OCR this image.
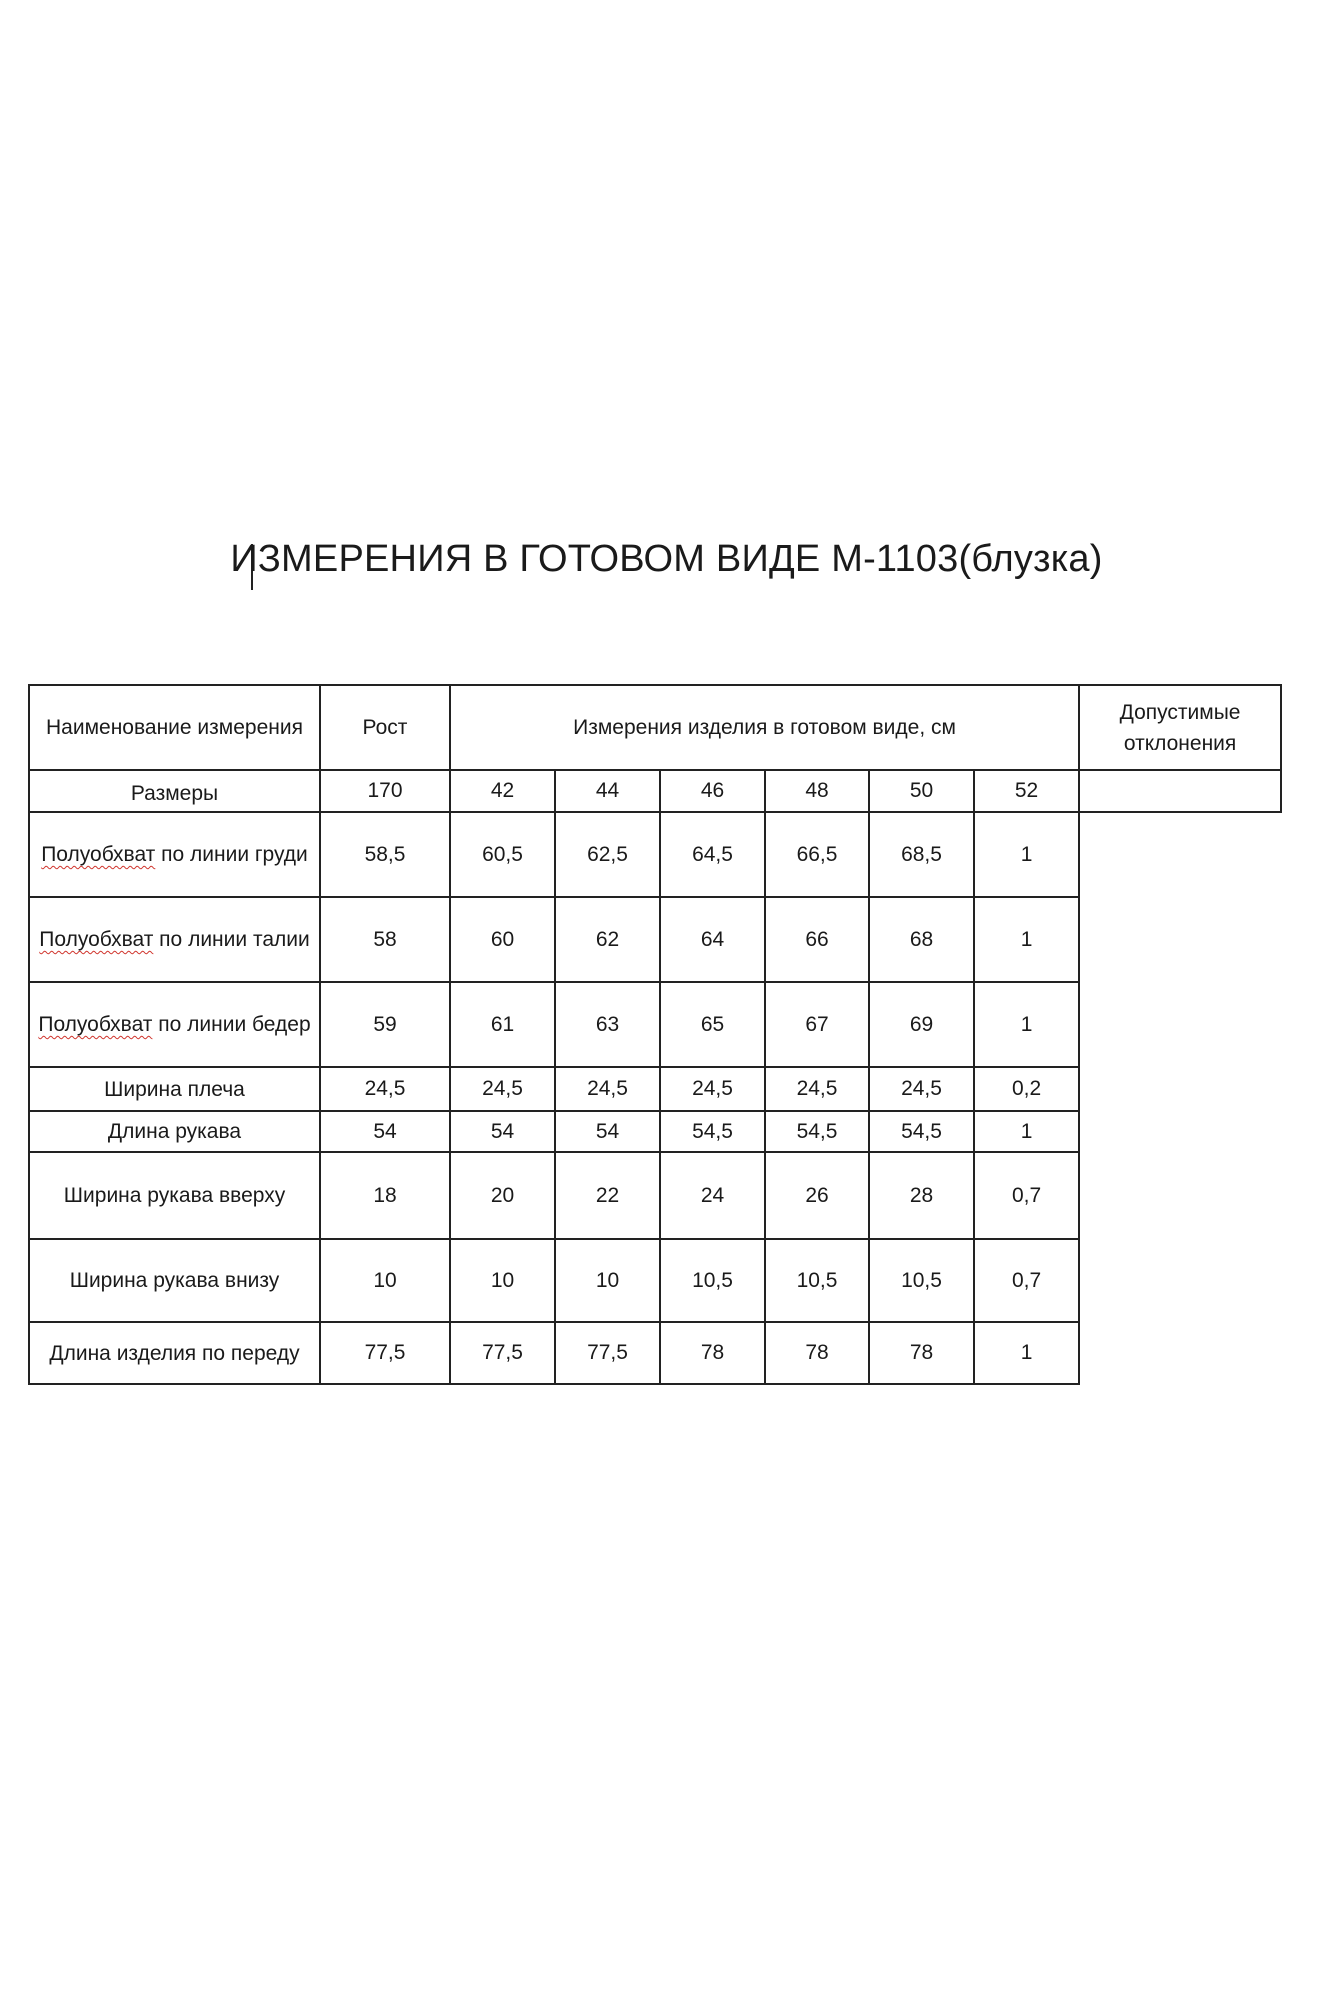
ИЗМЕРЕНИЯ В ГОТОВОМ ВИДЕ М-1103(блузка)
Наименование измерения	Рост	Измерения изделия в готовом виде, см						Допустимые отклонения
Размеры	170	42	44	46	48	50	52	
Полуобхват по линии груди	58,5	60,5	62,5	64,5	66,5	68,5	1	
Полуобхват по линии талии	58	60	62	64	66	68	1	
Полуобхват по линии бедер	59	61	63	65	67	69	1	
Ширина плеча	24,5	24,5	24,5	24,5	24,5	24,5	0,2	
Длина рукава	54	54	54	54,5	54,5	54,5	1	
Ширина рукава вверху	18	20	22	24	26	28	0,7	
Ширина рукава внизу	10	10	10	10,5	10,5	10,5	0,7	
Длина изделия по переду	77,5	77,5	77,5	78	78	78	1	
